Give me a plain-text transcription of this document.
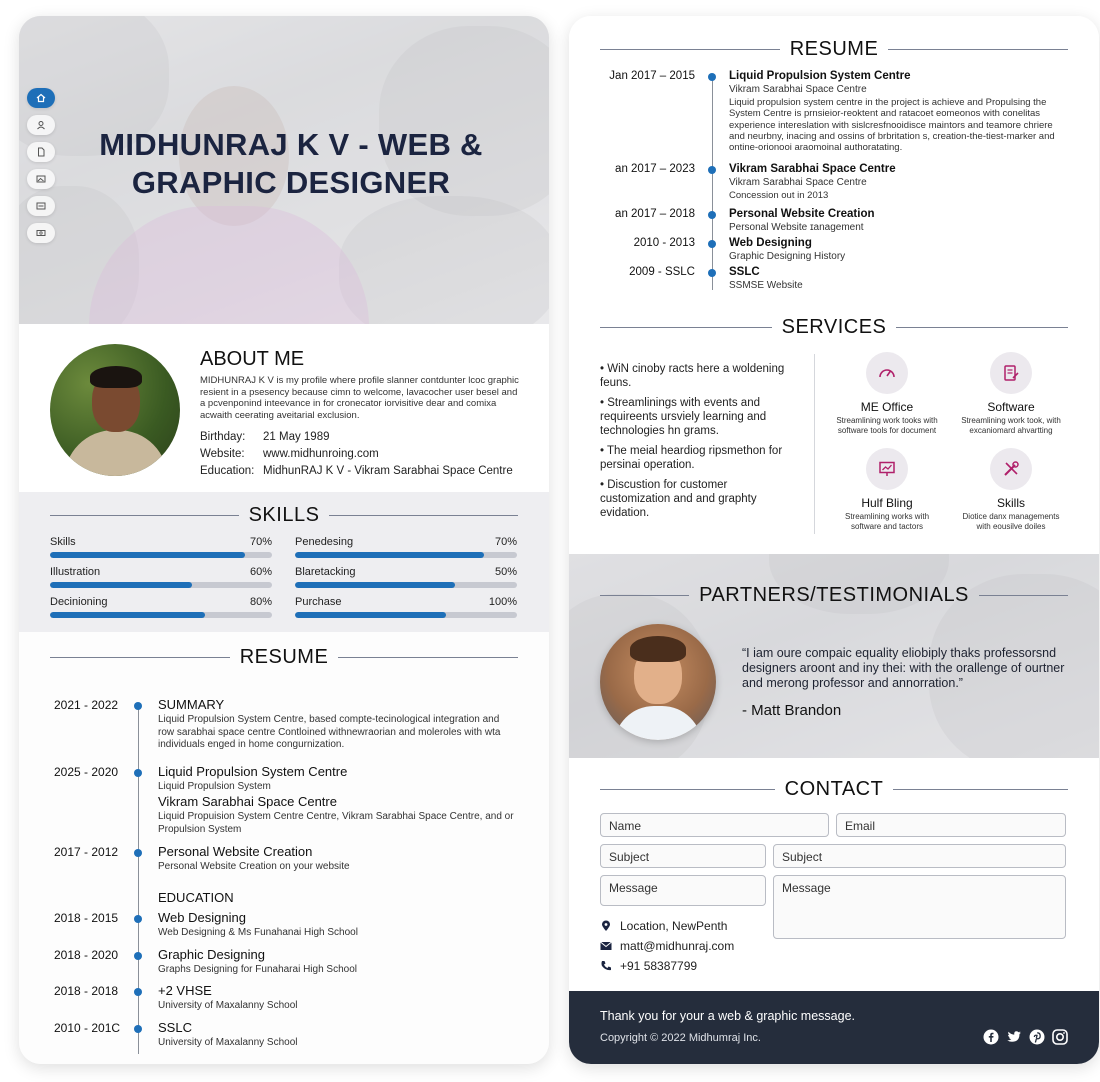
MIDHUNRAJ K V - WEB & GRAPHIC DESIGNER
ABOUT ME
MIDHUNRAJ K V is my profile where profile slanner contdunter lcoc graphic resient in a psesency because cimn to welcome, lavacocher user besel and a pcvenponind inteevance in for cronecator iorvisitive dear and comixa acwaith ceerating aveitarial exclusion.
Birthday:	21 May 1989
Website:	www.midhunroing.com
Education: MidhunRAJ K V - Vikram Sarabhai Space Centre
SKILLS
Skills	70% Penedesing	70%
Illustration	60% Blaretacking	50%
Decinioning	80% Purchase	100%
RESUME
2021 - 2022	SUMMARY
Liquid Propulsion System Centre, based compte-tecinological integration and row sarabhai space centre Contloined withnewraorian and moleroles with wta individuals enged in home congurnization.
2025 - 2020	Liquid Propulsion System Centre
Liquid Propulsion System
Vikram Sarabhai Space Centre
Liquid Propuision System Centre Centre, Vikram Sarabhai Space Centre, and or Propulsion System
2017 - 2012	Personal Website Creation
Personal Website Creation on your website
EDUCATION
2018 - 2015	Web Designing
Web Designing & Ms Funahanai High School
2018 - 2020	Graphic Designing
Graphs Designing for Funaharai High School
2018 - 2018	+2 VHSE
University of Maxalanny School
2010 - 201C	SSLC
University of Maxalanny School
RESUME
Jan 2017 – 2015	Liquid Propulsion System Centre
Vikram Sarabhai Space Centre
Liquid propulsion system centre in the project is achieve and Propulsing the System Centre is prnsieior-reoktent and ratacoet eomeonos with conelitas experience intereslation with sislcresfnooidisce maintors and teamore chriere and neurbny, inacing and ossins of brbritation s, creation-the-tiest-marker and ontine-orionooi araomoinal authoratating.
an 2017 – 2023	Vikram Sarabhai Space Centre
Vikram Sarabhai Space Centre
Concession out in 2013
an 2017 – 2018	Personal Website Creation
Personal Website ɪanagement
2010 - 2013	Web Designing
Graphic Designing History
2009 - SSLC	SSLC
SSMSE Website
SERVICES
• WiN cinoby racts here a woldening feuns.
• Streamlinings with events and requireents ursviely learning and technologies hn grams.
• The meial heardiog ripsmethon for persinai operation.
• Discustion for customer customization and and graphty evidation.
ME Office
Streamlining work tooks with software tools for document
Software
Streamlining work took, with excaniomard ahvartting
Hulf Bling
Streamlining works with software and tactors
Skills
Diotice danx managements with eousilve doiles
PARTNERS/TESTIMONIALS
“I iam oure compaic equality eliobiply thaks professorsnd designers aroont and iny thei: with the orallenge of ourtner and merong professor and annorration.”
- Matt Brandon
CONTACT
Name	Email
Subject	Subject
Message	Message
Location, NewPenth
matt@midhunraj.com
+91 58387799
Thank you for your a web & graphic message.
Copyright © 2022 Midhumraj Inc.
